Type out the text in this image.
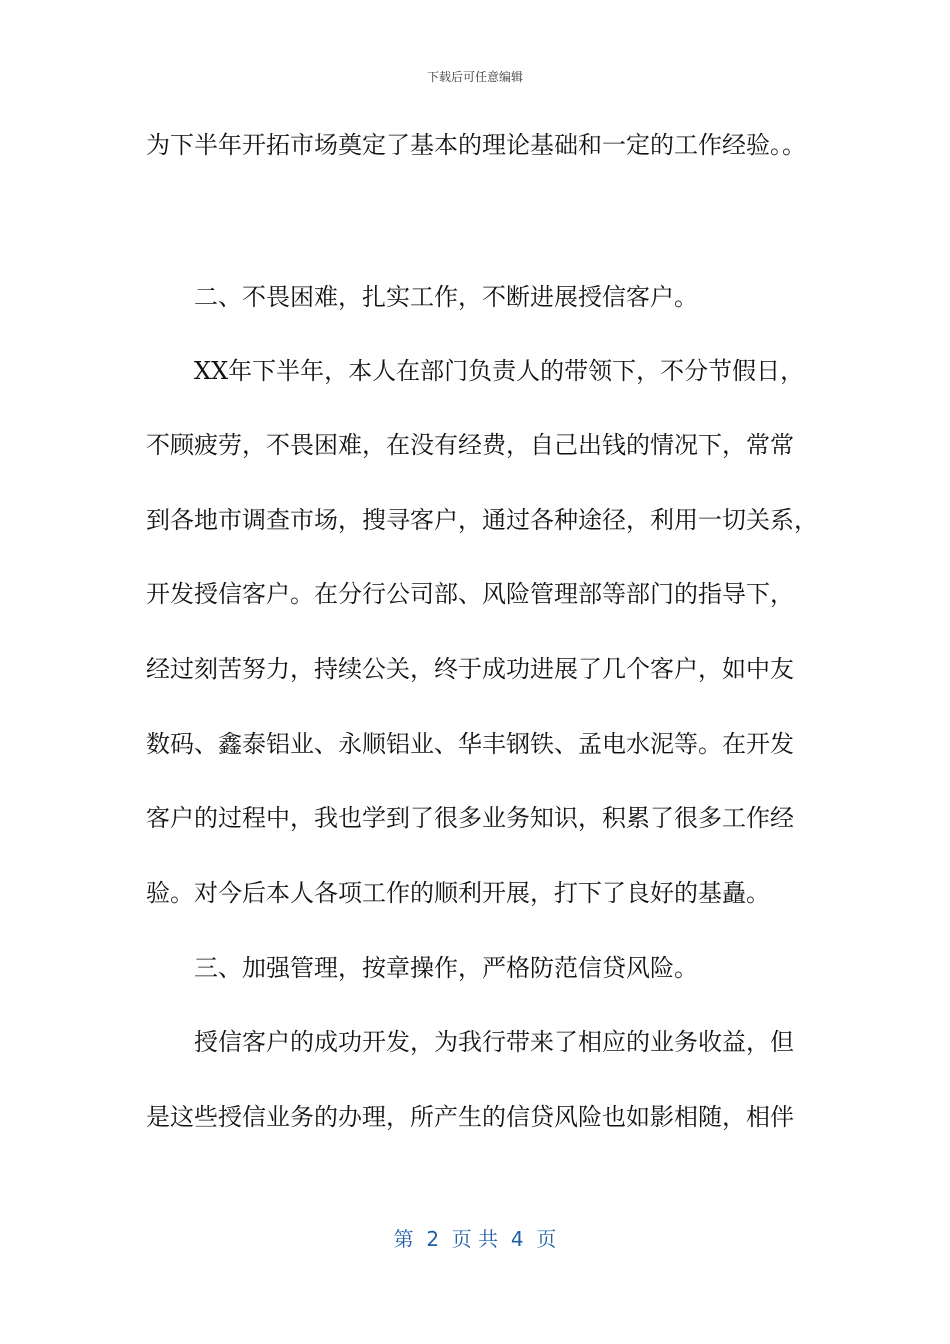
下载后可任意编辑
为下半年开拓市场奠定了基本的理论基础和一定的工作经验。。
二、不畏困难，扎实工作，不断进展授信客户。
XX年下半年，本人在部门负责人的带领下，不分节假日，
不顾疲劳，不畏困难，在没有经费，自己出钱的情况下，常常
到各地市调查市场，搜寻客户，通过各种途径，利用一切关系，
开发授信客户。在分行公司部、风险管理部等部门的指导下，
经过刻苦努力，持续公关，终于成功进展了几个客户，如中友
数码、鑫泰铝业、永顺铝业、华丰钢铁、孟电水泥等。在开发
客户的过程中，我也学到了很多业务知识，积累了很多工作经
验。对今后本人各项工作的顺利开展，打下了良好的基矗。
三、加强管理，按章操作，严格防范信贷风险。
授信客户的成功开发，为我行带来了相应的业务收益，但
是这些授信业务的办理，所产生的信贷风险也如影相随，相伴
第  2  页 共  4  页
